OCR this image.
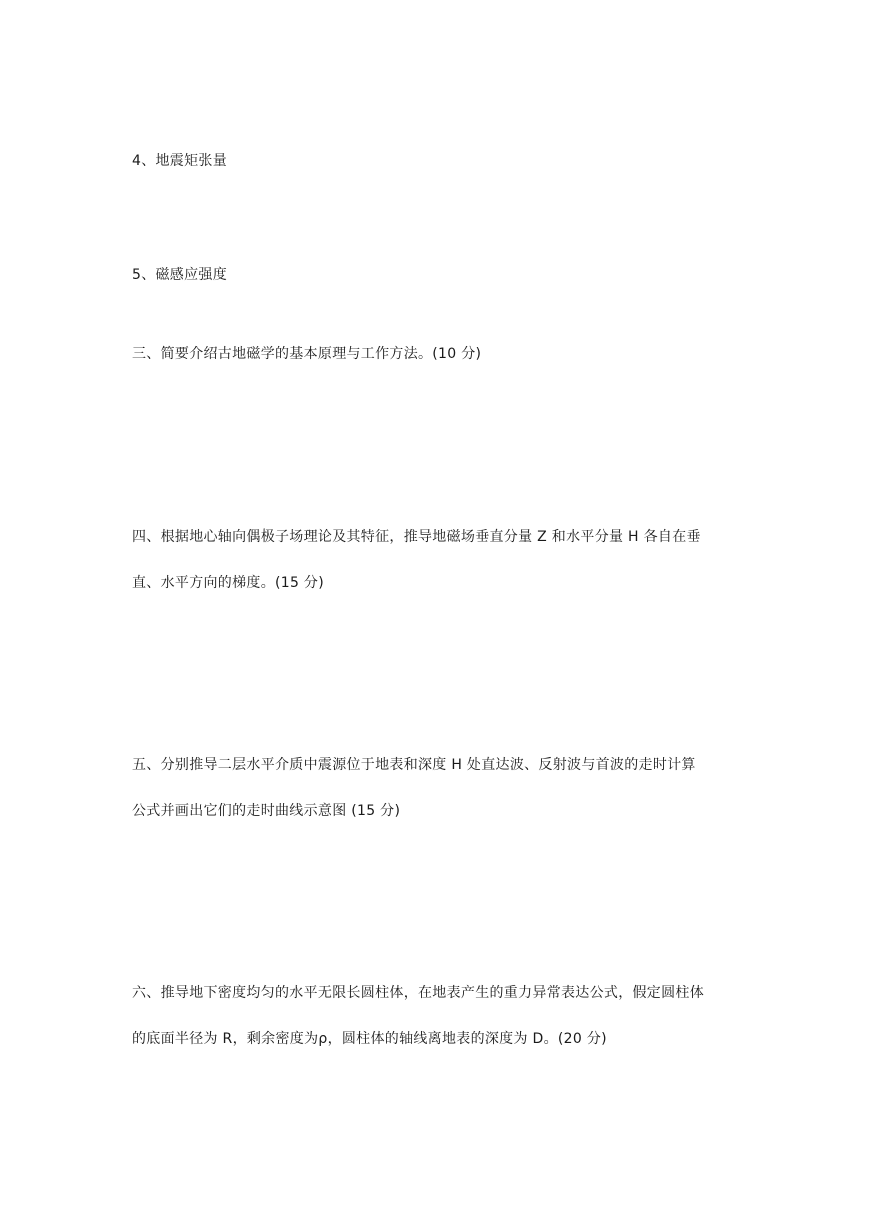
4、地震矩张量
5、磁感应强度
三、简要介绍古地磁学的基本原理与工作方法。(10 分)
四、根据地心轴向偶极子场理论及其特征，推导地磁场垂直分量 Z 和水平分量 H 各自在垂
直、水平方向的梯度。(15 分)
五、分别推导二层水平介质中震源位于地表和深度 H 处直达波、反射波与首波的走时计算
公式并画出它们的走时曲线示意图 (15 分)
六、推导地下密度均匀的水平无限长圆柱体，在地表产生的重力异常表达公式，假定圆柱体
的底面半径为 R，剩余密度为ρ，圆柱体的轴线离地表的深度为 D。(20 分)
